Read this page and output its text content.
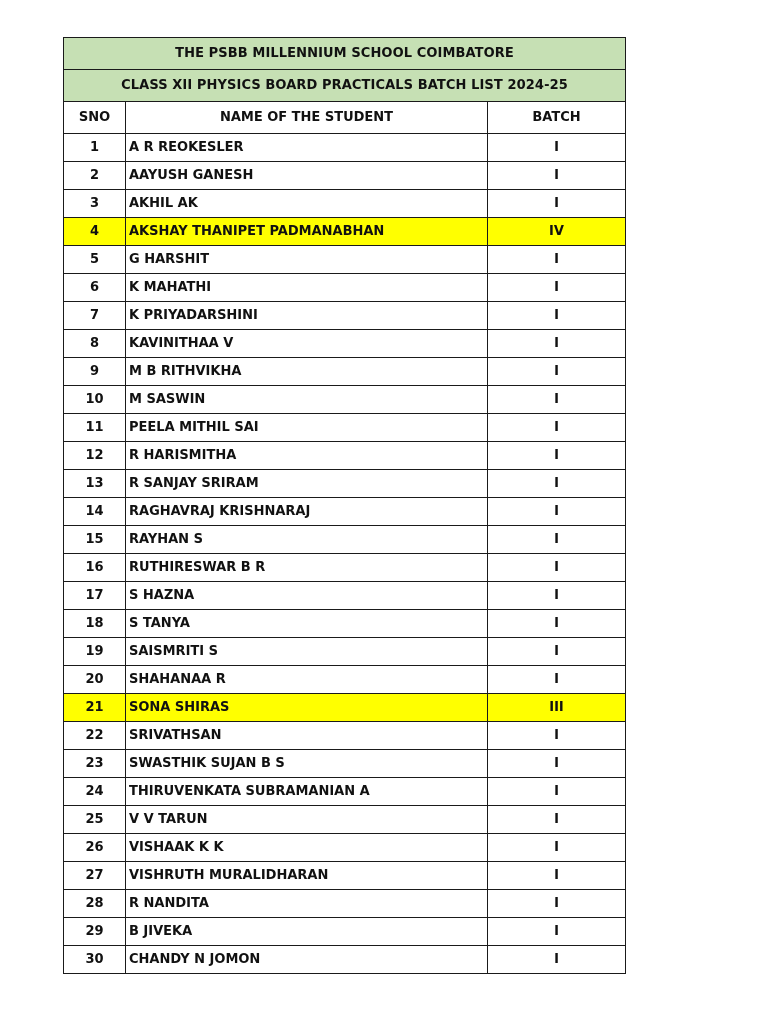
THE PSBB MILLENNIUM SCHOOL COIMBATORE		
CLASS XII PHYSICS BOARD PRACTICALS BATCH LIST 2024-25		
SNO	NAME OF THE STUDENT	BATCH
1	A R REOKESLER	I
2	AAYUSH GANESH	I
3	AKHIL AK	I
4	AKSHAY THANIPET PADMANABHAN	IV
5	G HARSHIT	I
6	K MAHATHI	I
7	K PRIYADARSHINI	I
8	KAVINITHAA V	I
9	M B RITHVIKHA	I
10	M SASWIN	I
11	PEELA MITHIL SAI	I
12	R HARISMITHA	I
13	R SANJAY SRIRAM	I
14	RAGHAVRAJ KRISHNARAJ	I
15	RAYHAN S	I
16	RUTHIRESWAR B R	I
17	S HAZNA	I
18	S TANYA	I
19	SAISMRITI S	I
20	SHAHANAA R	I
21	SONA SHIRAS	III
22	SRIVATHSAN	I
23	SWASTHIK SUJAN B S	I
24	THIRUVENKATA SUBRAMANIAN A	I
25	V V TARUN	I
26	VISHAAK K K	I
27	VISHRUTH MURALIDHARAN	I
28	R NANDITA	I
29	B JIVEKA	I
30	CHANDY N JOMON	I
